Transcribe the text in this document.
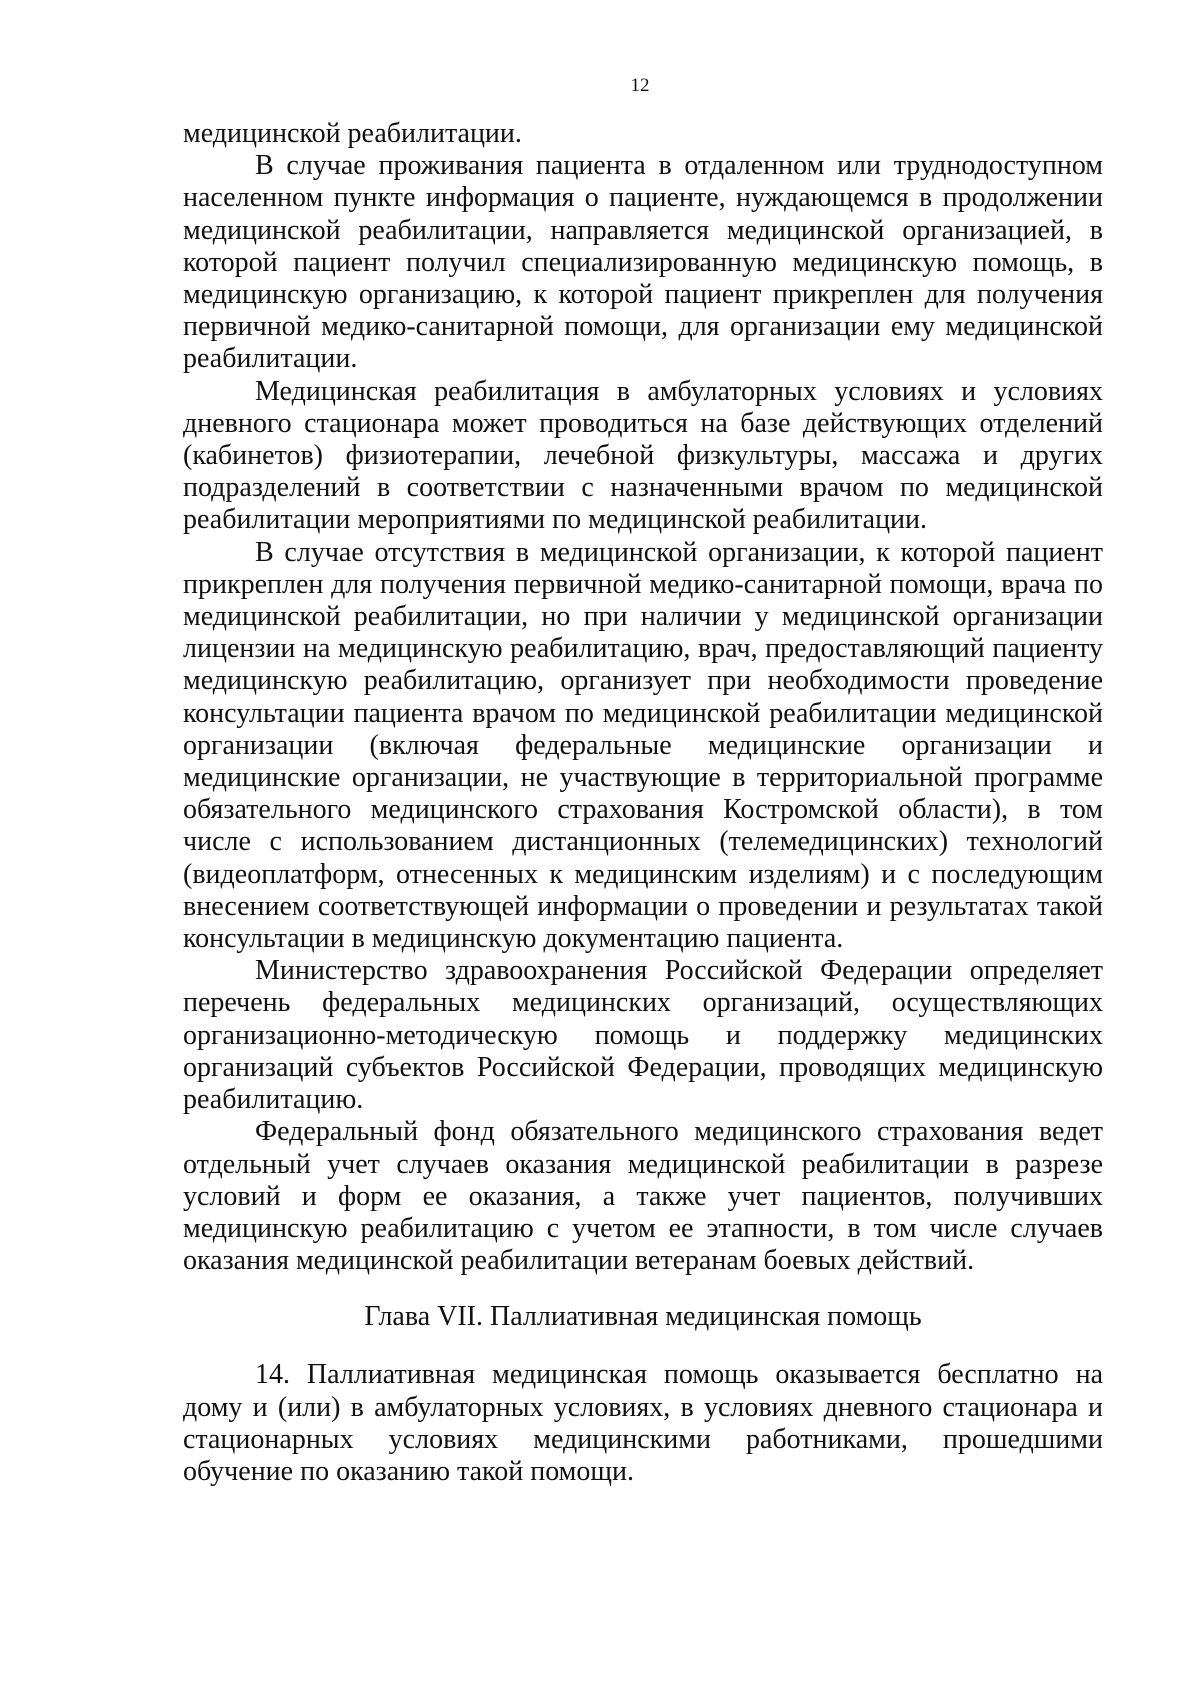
12

медицинской реабилитации.

В случае проживания пациента в отдаленном или труднодоступном населенном пункте информация о пациенте, нуждающемся в продолжении медицинской реабилитации, направляется медицинской организацией, в которой пациент получил специализированную медицинскую помощь, в медицинскую организацию, к которой пациент прикреплен для получения первичной медико-санитарной помощи, для организации ему медицинской реабилитации.

Медицинская реабилитация в амбулаторных условиях и условиях дневного стационара может проводиться на базе действующих отделений (кабинетов) физиотерапии, лечебной физкультуры, массажа и других подразделений в соответствии с назначенными врачом по медицинской реабилитации мероприятиями по медицинской реабилитации.

В случае отсутствия в медицинской организации, к которой пациент прикреплен для получения первичной медико-санитарной помощи, врача по медицинской реабилитации, но при наличии у медицинской организации лицензии на медицинскую реабилитацию, врач, предоставляющий пациенту медицинскую реабилитацию, организует при необходимости проведение консультации пациента врачом по медицинской реабилитации медицинской организации (включая федеральные медицинские организации и медицинские организации, не участвующие в территориальной программе обязательного медицинского страхования Костромской области), в том числе с использованием дистанционных (телемедицинских) технологий (видеоплатформ, отнесенных к медицинским изделиям) и с последующим внесением соответствующей информации о проведении и результатах такой консультации в медицинскую документацию пациента.

Министерство здравоохранения Российской Федерации определяет перечень федеральных медицинских организаций, осуществляющих организационно-методическую помощь и поддержку медицинских организаций субъектов Российской Федерации, проводящих медицинскую реабилитацию.

Федеральный фонд обязательного медицинского страхования ведет отдельный учет случаев оказания медицинской реабилитации в разрезе условий и форм ее оказания, а также учет пациентов, получивших медицинскую реабилитацию с учетом ее этапности, в том числе случаев оказания медицинской реабилитации ветеранам боевых действий.

Глава VII. Паллиативная медицинская помощь

14. Паллиативная медицинская помощь оказывается бесплатно на дому и (или) в амбулаторных условиях, в условиях дневного стационара и стационарных условиях медицинскими работниками, прошедшими обучение по оказанию такой помощи.
